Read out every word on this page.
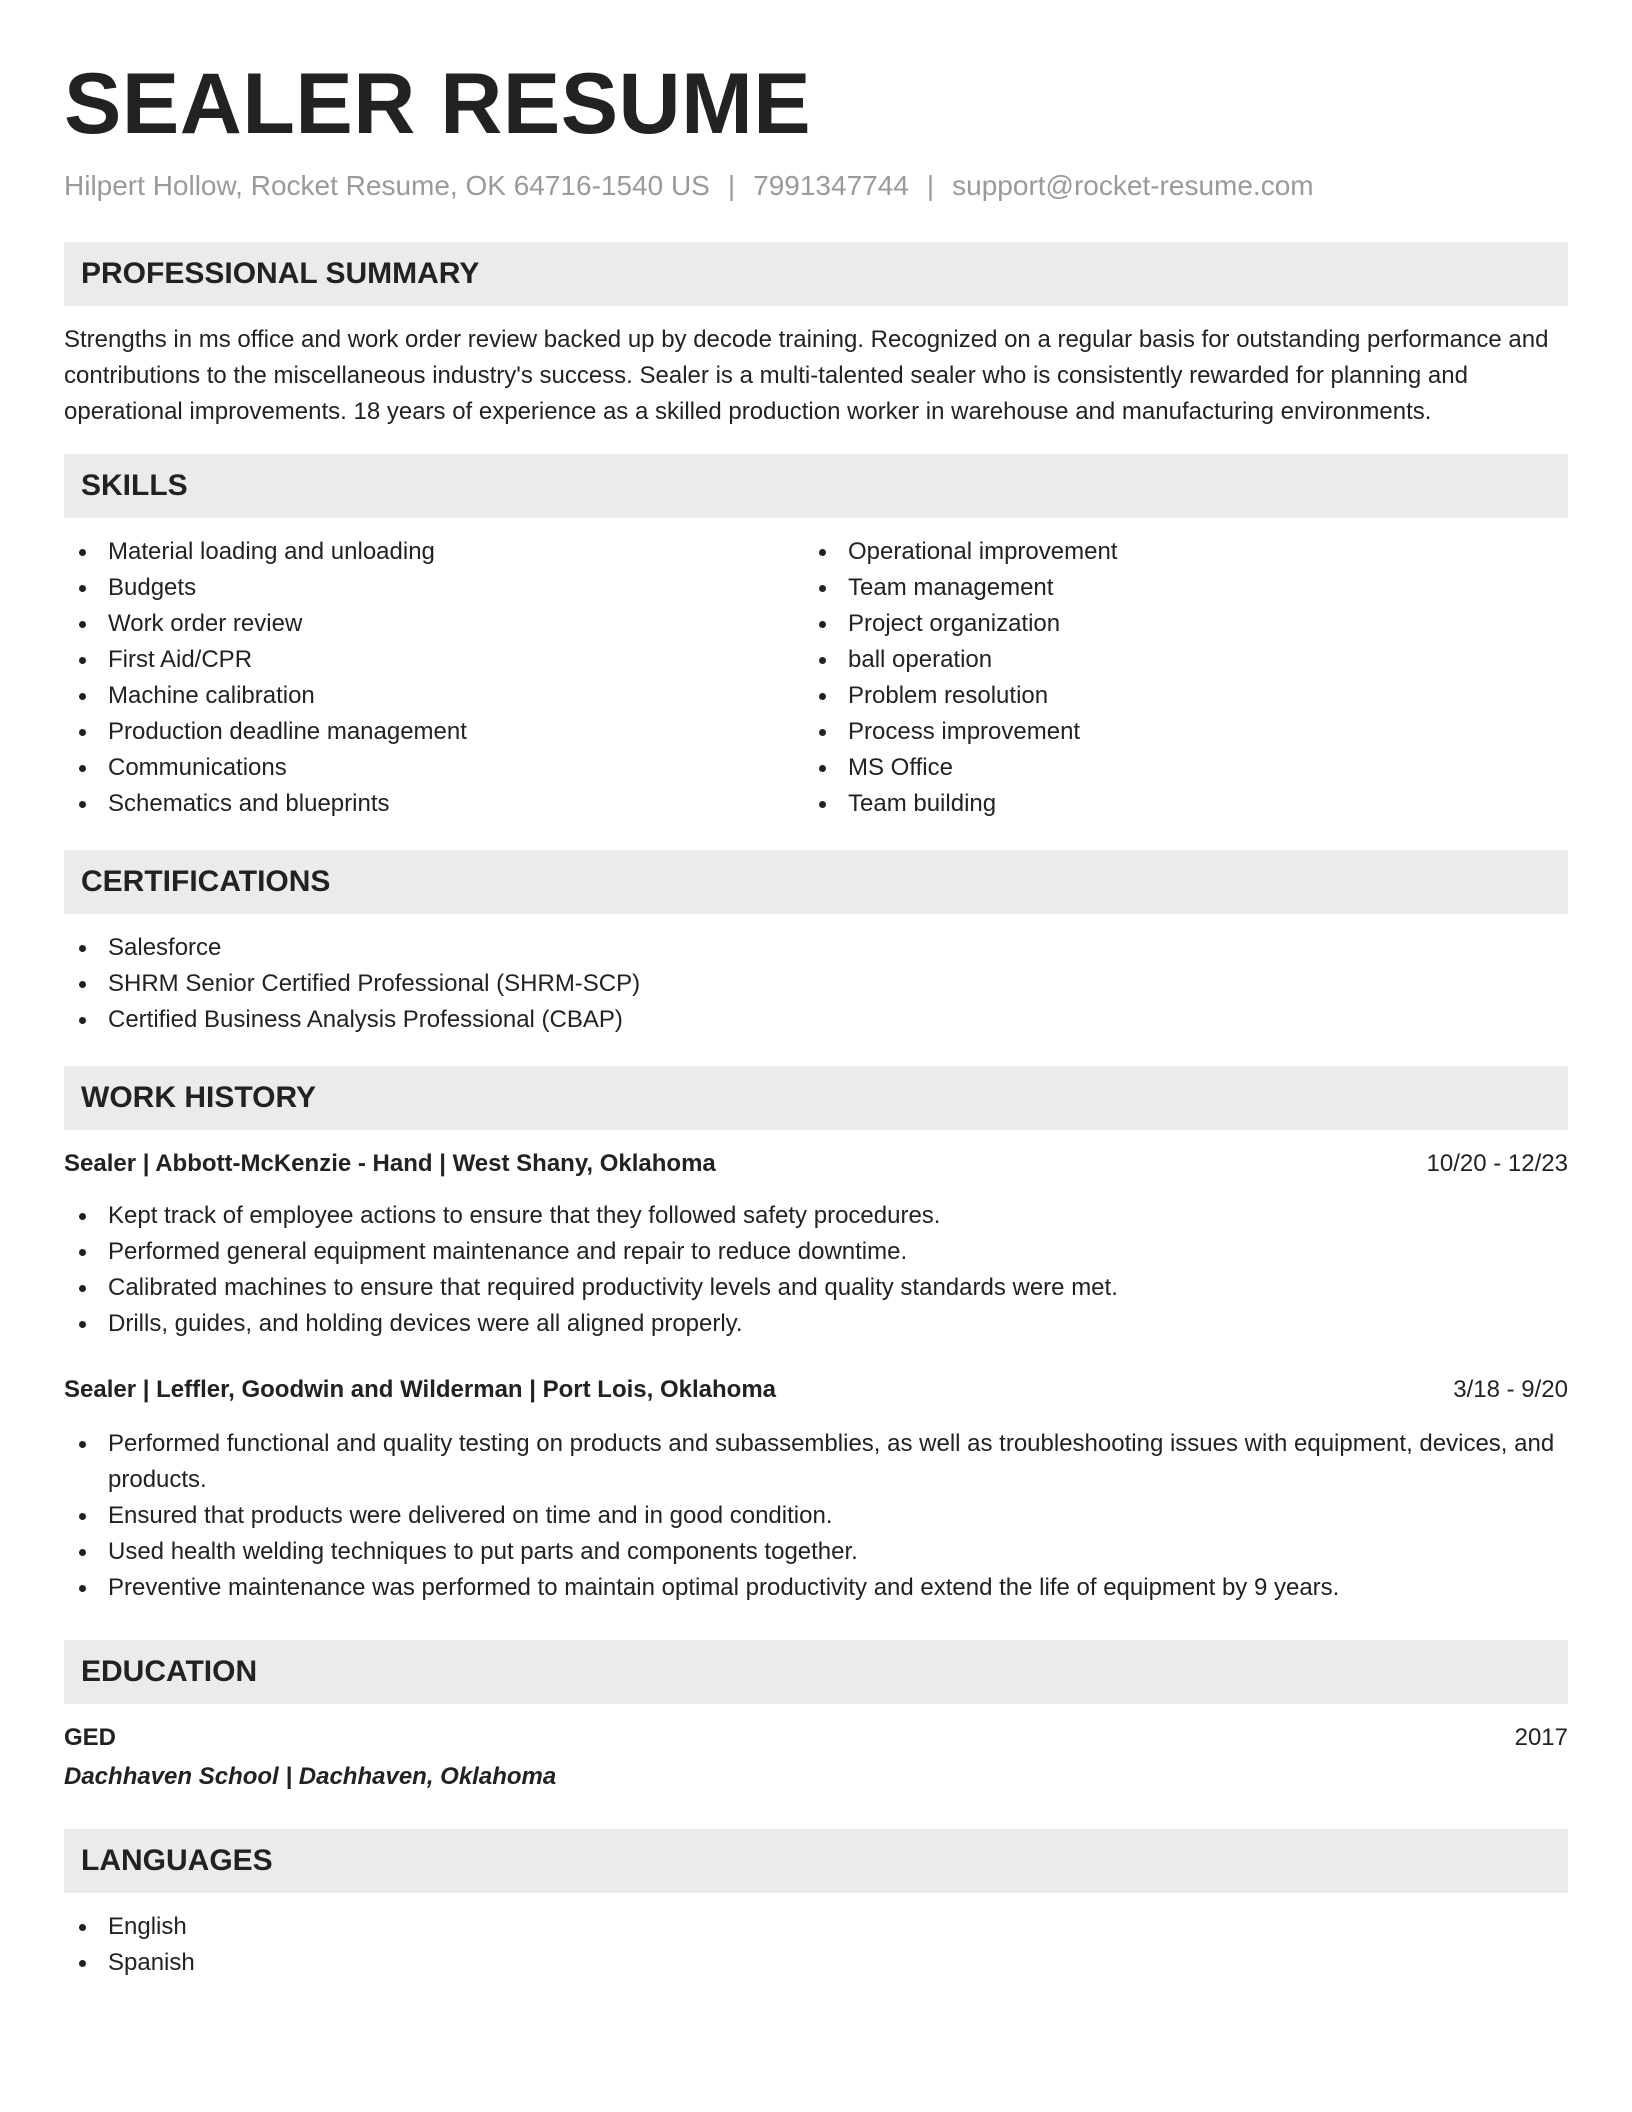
SEALER RESUME
Hilpert Hollow, Rocket Resume, OK 64716-1540 US | 7991347744 | support@rocket-resume.com
PROFESSIONAL SUMMARY

Strengths in ms office and work order review backed up by decode training. Recognized on a regular basis for outstanding performance and contributions to the miscellaneous industry's success. Sealer is a multi-talented sealer who is consistently rewarded for planning and operational improvements. 18 years of experience as a skilled production worker in warehouse and manufacturing environments.

SKILLS
Material loading and unloading
Budgets
Work order review
First Aid/CPR
Machine calibration
Production deadline management
Communications
Schematics and blueprints
Operational improvement
Team management
Project organization
ball operation
Problem resolution
Process improvement
MS Office
Team building
CERTIFICATIONS
Salesforce
SHRM Senior Certified Professional (SHRM-SCP)
Certified Business Analysis Professional (CBAP)
WORK HISTORY
Sealer | Abbott-McKenzie - Hand | West Shany, Oklahoma	10/20 - 12/23
Kept track of employee actions to ensure that they followed safety procedures.
Performed general equipment maintenance and repair to reduce downtime.
Calibrated machines to ensure that required productivity levels and quality standards were met.
Drills, guides, and holding devices were all aligned properly.
Sealer | Leffler, Goodwin and Wilderman | Port Lois, Oklahoma	3/18 - 9/20
Performed functional and quality testing on products and subassemblies, as well as troubleshooting issues with equipment, devices, and products.
Ensured that products were delivered on time and in good condition.
Used health welding techniques to put parts and components together.
Preventive maintenance was performed to maintain optimal productivity and extend the life of equipment by 9 years.
EDUCATION
GED	2017
Dachhaven School | Dachhaven, Oklahoma
LANGUAGES
English
Spanish
